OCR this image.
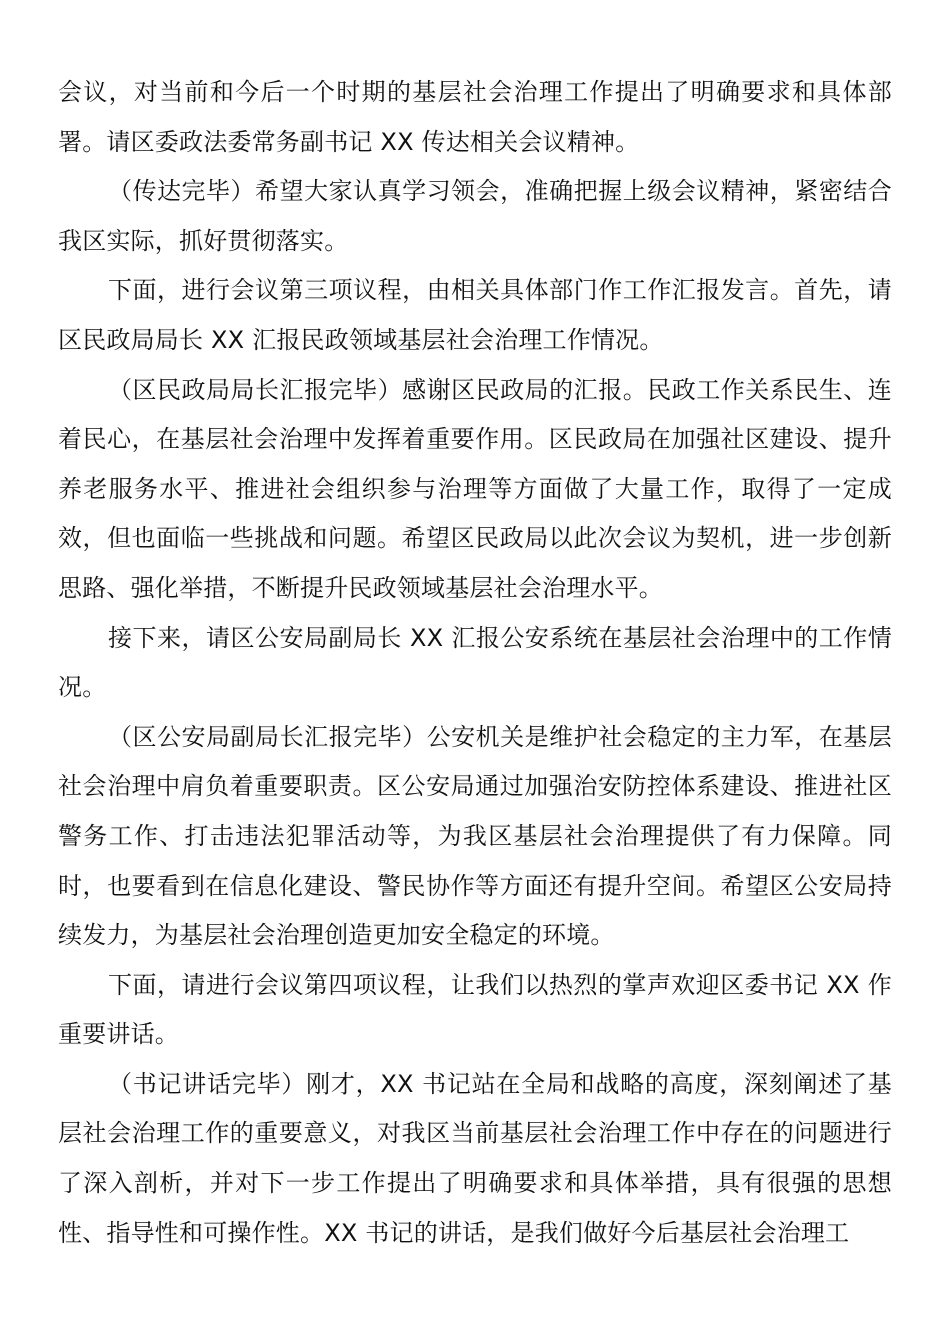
会议，对当前和今后一个时期的基层社会治理工作提出了明确要求和具体部署。请区委政法委常务副书记 XX 传达相关会议精神。

（传达完毕）希望大家认真学习领会，准确把握上级会议精神，紧密结合我区实际，抓好贯彻落实。

下面，进行会议第三项议程，由相关具体部门作工作汇报发言。首先，请区民政局局长 XX 汇报民政领域基层社会治理工作情况。

（区民政局局长汇报完毕）感谢区民政局的汇报。民政工作关系民生、连着民心，在基层社会治理中发挥着重要作用。区民政局在加强社区建设、提升养老服务水平、推进社会组织参与治理等方面做了大量工作，取得了一定成效，但也面临一些挑战和问题。希望区民政局以此次会议为契机，进一步创新思路、强化举措，不断提升民政领域基层社会治理水平。

接下来，请区公安局副局长 XX 汇报公安系统在基层社会治理中的工作情况。

（区公安局副局长汇报完毕）公安机关是维护社会稳定的主力军，在基层社会治理中肩负着重要职责。区公安局通过加强治安防控体系建设、推进社区警务工作、打击违法犯罪活动等，为我区基层社会治理提供了有力保障。同时，也要看到在信息化建设、警民协作等方面还有提升空间。希望区公安局持续发力，为基层社会治理创造更加安全稳定的环境。

下面，请进行会议第四项议程，让我们以热烈的掌声欢迎区委书记 XX 作重要讲话。

（书记讲话完毕）刚才，XX 书记站在全局和战略的高度，深刻阐述了基层社会治理工作的重要意义，对我区当前基层社会治理工作中存在的问题进行了深入剖析，并对下一步工作提出了明确要求和具体举措，具有很强的思想性、指导性和可操作性。XX 书记的讲话，是我们做好今后基层社会治理工
